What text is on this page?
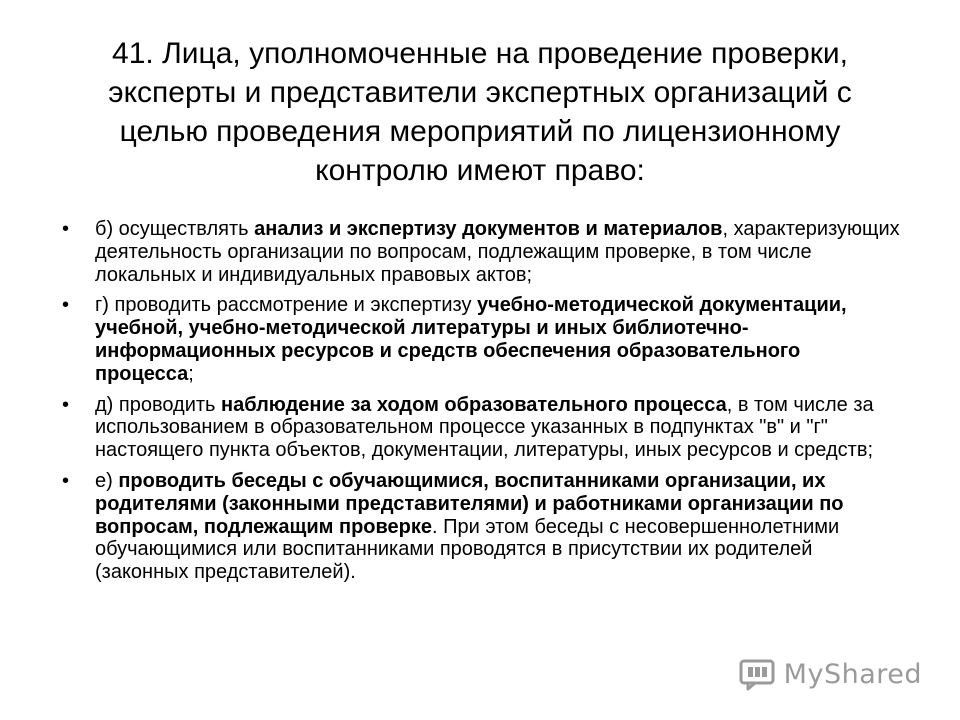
41. Лица, уполномоченные на проведение проверки, эксперты и представители экспертных организаций с целью проведения мероприятий по лицензионному контролю имеют право:
• б) осуществлять анализ и экспертизу документов и материалов, характеризующих деятельность организации по вопросам, подлежащим проверке, в том числе локальных и индивидуальных правовых актов;
• г) проводить рассмотрение и экспертизу учебно-методической документации, учебной, учебно-методической литературы и иных библиотечно-информационных ресурсов и средств обеспечения образовательного процесса;
• д) проводить наблюдение за ходом образовательного процесса, в том числе за использованием в образовательном процессе указанных в подпунктах "в" и "г" настоящего пункта объектов, документации, литературы, иных ресурсов и средств;
• е) проводить беседы с обучающимися, воспитанниками организации, их родителями (законными представителями) и работниками организации по вопросам, подлежащим проверке. При этом беседы с несовершеннолетними обучающимися или воспитанниками проводятся в присутствии их родителей (законных представителей).
MyShared
